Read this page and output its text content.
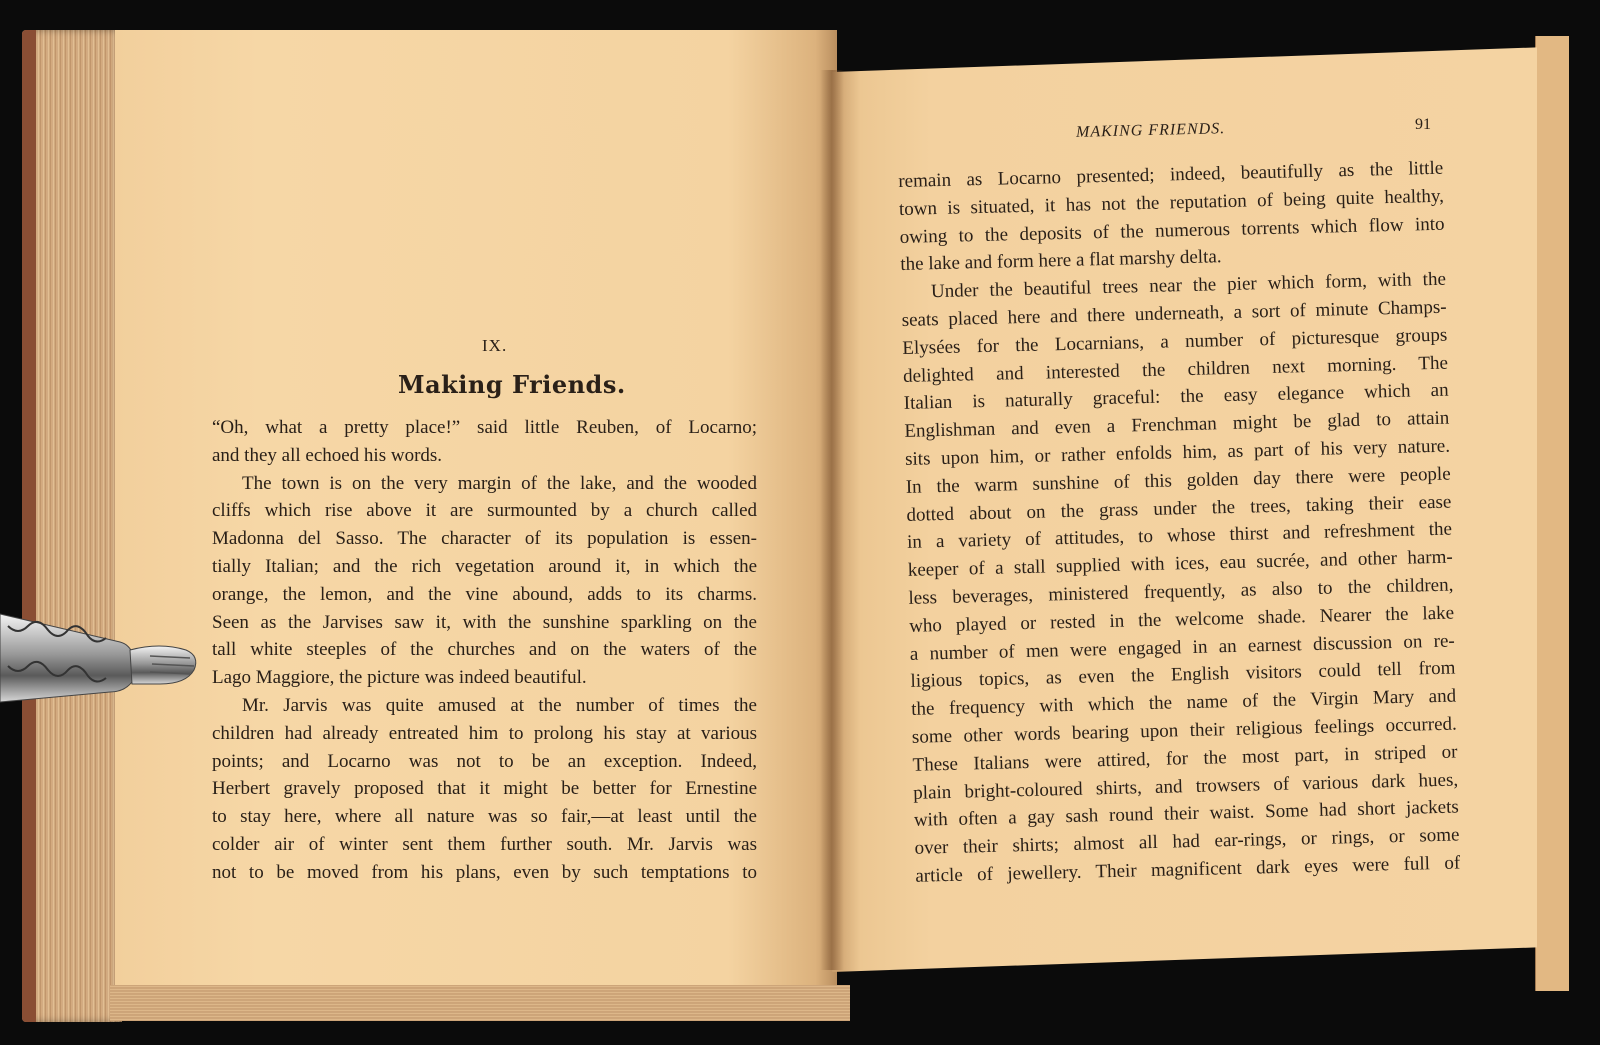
IX.
Making Friends.
“Oh, what a pretty place!” said little Reuben, of Locarno;
and they all echoed his words.
The town is on the very margin of the lake, and the wooded
cliffs which rise above it are surmounted by a church called
Madonna del Sasso. The character of its population is essen-
tially Italian; and the rich vegetation around it, in which the
orange, the lemon, and the vine abound, adds to its charms.
Seen as the Jarvises saw it, with the sunshine sparkling on the
tall white steeples of the churches and on the waters of the
Lago Maggiore, the picture was indeed beautiful.
Mr. Jarvis was quite amused at the number of times the
children had already entreated him to prolong his stay at various
points; and Locarno was not to be an exception. Indeed,
Herbert gravely proposed that it might be better for Ernestine
to stay here, where all nature was so fair,—at least until the
colder air of winter sent them further south. Mr. Jarvis was
not to be moved from his plans, even by such temptations to
MAKING FRIENDS.	91
remain as Locarno presented; indeed, beautifully as the little
town is situated, it has not the reputation of being quite healthy,
owing to the deposits of the numerous torrents which flow into
the lake and form here a flat marshy delta.
Under the beautiful trees near the pier which form, with the
seats placed here and there underneath, a sort of minute Champs-
Elysées for the Locarnians, a number of picturesque groups
delighted and interested the children next morning. The
Italian is naturally graceful: the easy elegance which an
Englishman and even a Frenchman might be glad to attain
sits upon him, or rather enfolds him, as part of his very nature.
In the warm sunshine of this golden day there were people
dotted about on the grass under the trees, taking their ease
in a variety of attitudes, to whose thirst and refreshment the
keeper of a stall supplied with ices, eau sucrée, and other harm-
less beverages, ministered frequently, as also to the children,
who played or rested in the welcome shade. Nearer the lake
a number of men were engaged in an earnest discussion on re-
ligious topics, as even the English visitors could tell from
the frequency with which the name of the Virgin Mary and
some other words bearing upon their religious feelings occurred.
These Italians were attired, for the most part, in striped or
plain bright-coloured shirts, and trowsers of various dark hues,
with often a gay sash round their waist. Some had short jackets
over their shirts; almost all had ear-rings, or rings, or some
article of jewellery. Their magnificent dark eyes were full of
